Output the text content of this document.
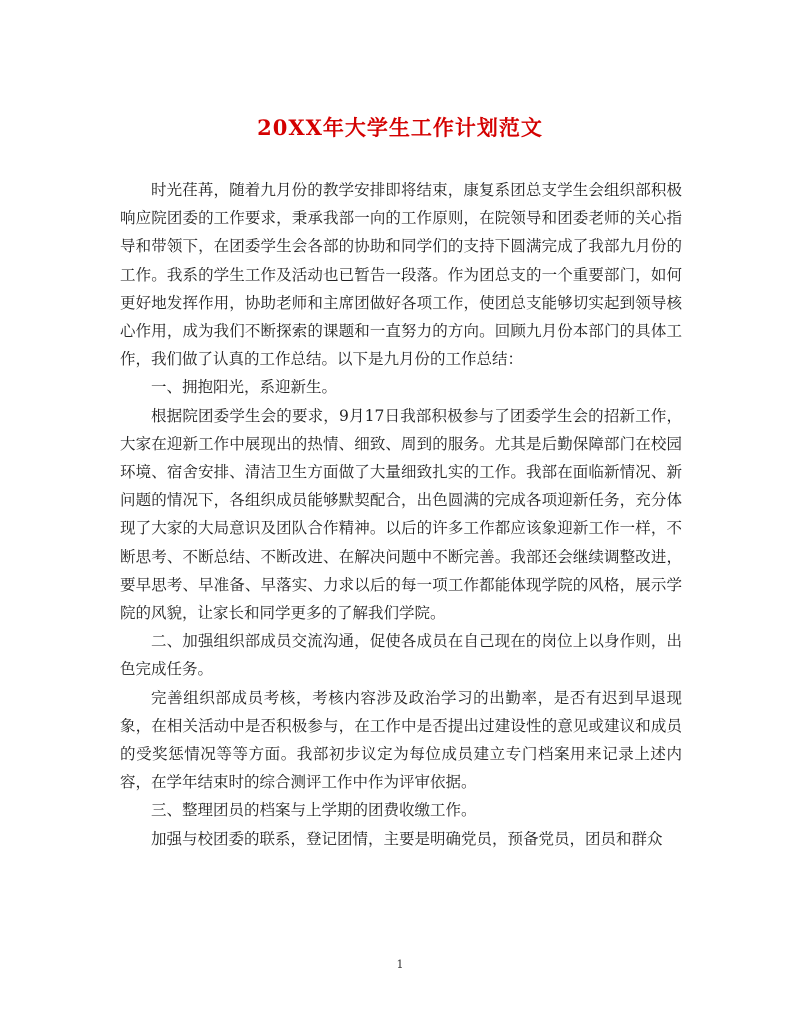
20XX年大学生工作计划范文

时光荏苒，随着九月份的教学安排即将结束，康复系团总支学生会组织部积极响应院团委的工作要求，秉承我部一向的工作原则，在院领导和团委老师的关心指导和带领下，在团委学生会各部的协助和同学们的支持下圆满完成了我部九月份的工作。我系的学生工作及活动也已暂告一段落。作为团总支的一个重要部门，如何更好地发挥作用，协助老师和主席团做好各项工作，使团总支能够切实起到领导核心作用，成为我们不断探索的课题和一直努力的方向。回顾九月份本部门的具体工作，我们做了认真的工作总结。以下是九月份的工作总结：

一、拥抱阳光，系迎新生。

根据院团委学生会的要求，9月17日我部积极参与了团委学生会的招新工作，大家在迎新工作中展现出的热情、细致、周到的服务。尤其是后勤保障部门在校园环境、宿舍安排、清洁卫生方面做了大量细致扎实的工作。我部在面临新情况、新问题的情况下，各组织成员能够默契配合，出色圆满的完成各项迎新任务，充分体现了大家的大局意识及团队合作精神。以后的许多工作都应该象迎新工作一样，不断思考、不断总结、不断改进、在解决问题中不断完善。我部还会继续调整改进，要早思考、早准备、早落实、力求以后的每一项工作都能体现学院的风格，展示学院的风貌，让家长和同学更多的了解我们学院。

二、加强组织部成员交流沟通，促使各成员在自己现在的岗位上以身作则，出色完成任务。

完善组织部成员考核，考核内容涉及政治学习的出勤率，是否有迟到早退现象，在相关活动中是否积极参与，在工作中是否提出过建设性的意见或建议和成员的受奖惩情况等等方面。我部初步议定为每位成员建立专门档案用来记录上述内容，在学年结束时的综合测评工作中作为评审依据。

三、整理团员的档案与上学期的团费收缴工作。

加强与校团委的联系，登记团情，主要是明确党员，预备党员，团员和群众

1
